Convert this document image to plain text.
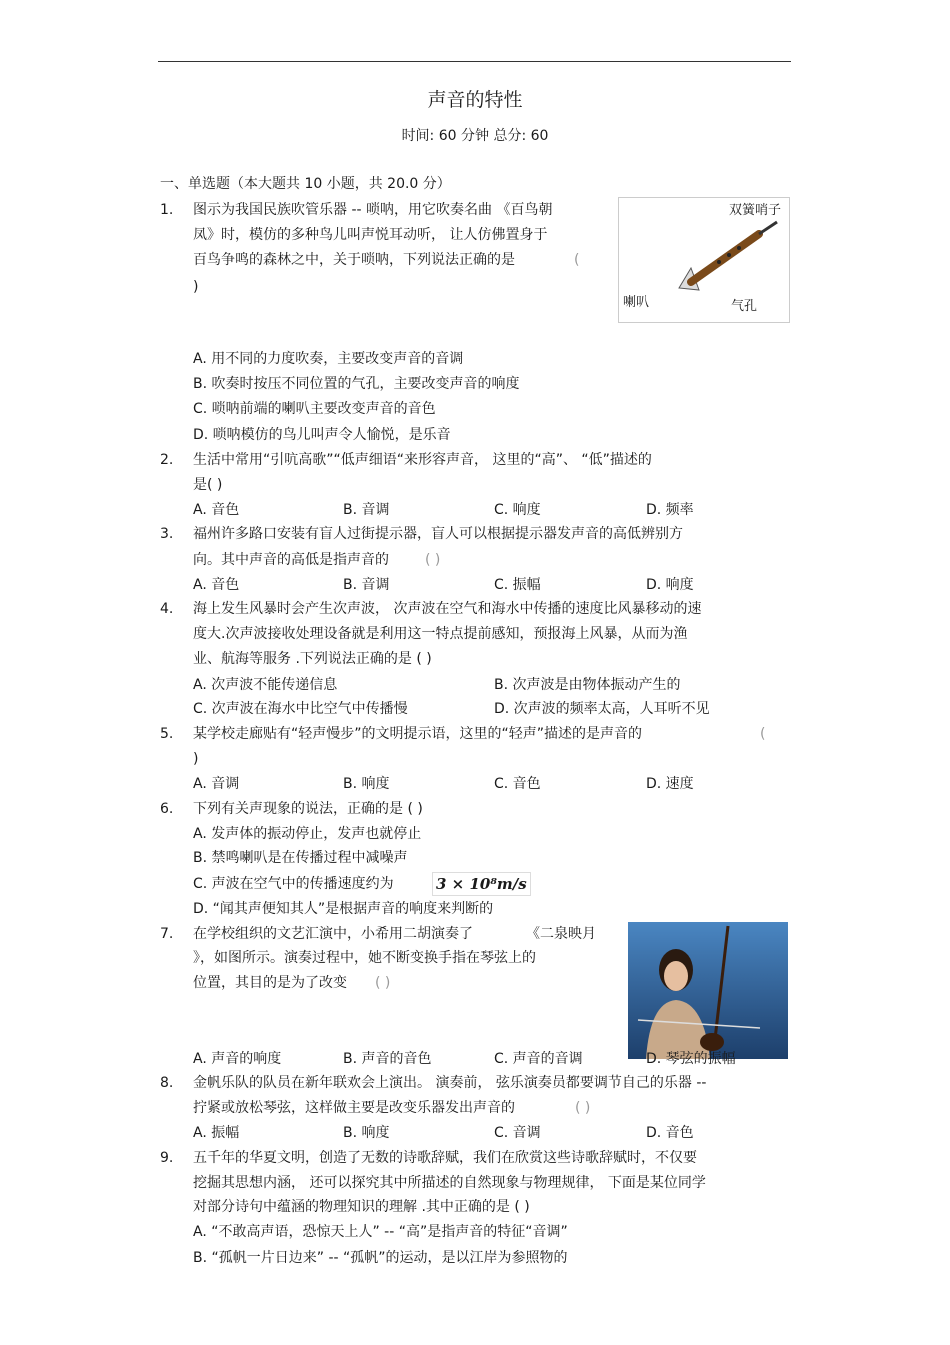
声音的特性
时间: 60 分钟 总分: 60
一、单选题（本大题共 10 小题，共 20.0 分）
1. 图示为我国民族吹管乐器 -- 唢呐，用它吹奏名曲 《百鸟朝
凤》时，模仿的多种鸟儿叫声悦耳动听， 让人仿佛置身于
百鸟争鸣的森林之中，关于唢呐，下列说法正确的是	(
)
双簧哨子
喇叭	气孔
A. 用不同的力度吹奏，主要改变声音的音调
B. 吹奏时按压不同位置的气孔，主要改变声音的响度
C. 唢呐前端的喇叭主要改变声音的音色
D. 唢呐模仿的鸟儿叫声令人愉悦，是乐音
2. 生活中常用“引吭高歌”“低声细语“来形容声音， 这里的“高”、 “低”描述的
是( )
A. 音色	B. 音调	C. 响度	D. 频率
3. 福州许多路口安装有盲人过街提示器，盲人可以根据提示器发声音的高低辨别方
向。其中声音的高低是指声音的	( )
A. 音色	B. 音调	C. 振幅	D. 响度
4. 海上发生风暴时会产生次声波， 次声波在空气和海水中传播的速度比风暴移动的速
度大.次声波接收处理设备就是利用这一特点提前感知，预报海上风暴，从而为渔
业、航海等服务 .下列说法正确的是 ( )
A. 次声波不能传递信息	B. 次声波是由物体振动产生的
C. 次声波在海水中比空气中传播慢	D. 次声波的频率太高，人耳听不见
5. 某学校走廊贴有“轻声慢步”的文明提示语，这里的“轻声”描述的是声音的	(
)
A. 音调	B. 响度	C. 音色	D. 速度
6. 下列有关声现象的说法，正确的是 ( )
A. 发声体的振动停止，发声也就停止
B. 禁鸣喇叭是在传播过程中减噪声
C. 声波在空气中的传播速度约为	3 × 10⁸m/s
D. “闻其声便知其人”是根据声音的响度来判断的
7. 在学校组织的文艺汇演中，小希用二胡演奏了	《二泉映月
》，如图所示。演奏过程中，她不断变换手指在琴弦上的
位置，其目的是为了改变 ( )
A. 声音的响度	B. 声音的音色	C. 声音的音调	D. 琴弦的振幅
8. 金帆乐队的队员在新年联欢会上演出。 演奏前， 弦乐演奏员都要调节自己的乐器 --
拧紧或放松琴弦，这样做主要是改变乐器发出声音的	( )
A. 振幅	B. 响度	C. 音调	D. 音色
9. 五千年的华夏文明，创造了无数的诗歌辞赋，我们在欣赏这些诗歌辞赋时，不仅要
挖掘其思想内涵， 还可以探究其中所描述的自然现象与物理规律， 下面是某位同学
对部分诗句中蕴涵的物理知识的理解 .其中正确的是 ( )
A. “不敢高声语，恐惊天上人” -- “高”是指声音的特征“音调”
B. “孤帆一片日边来” -- “孤帆”的运动，是以江岸为参照物的
